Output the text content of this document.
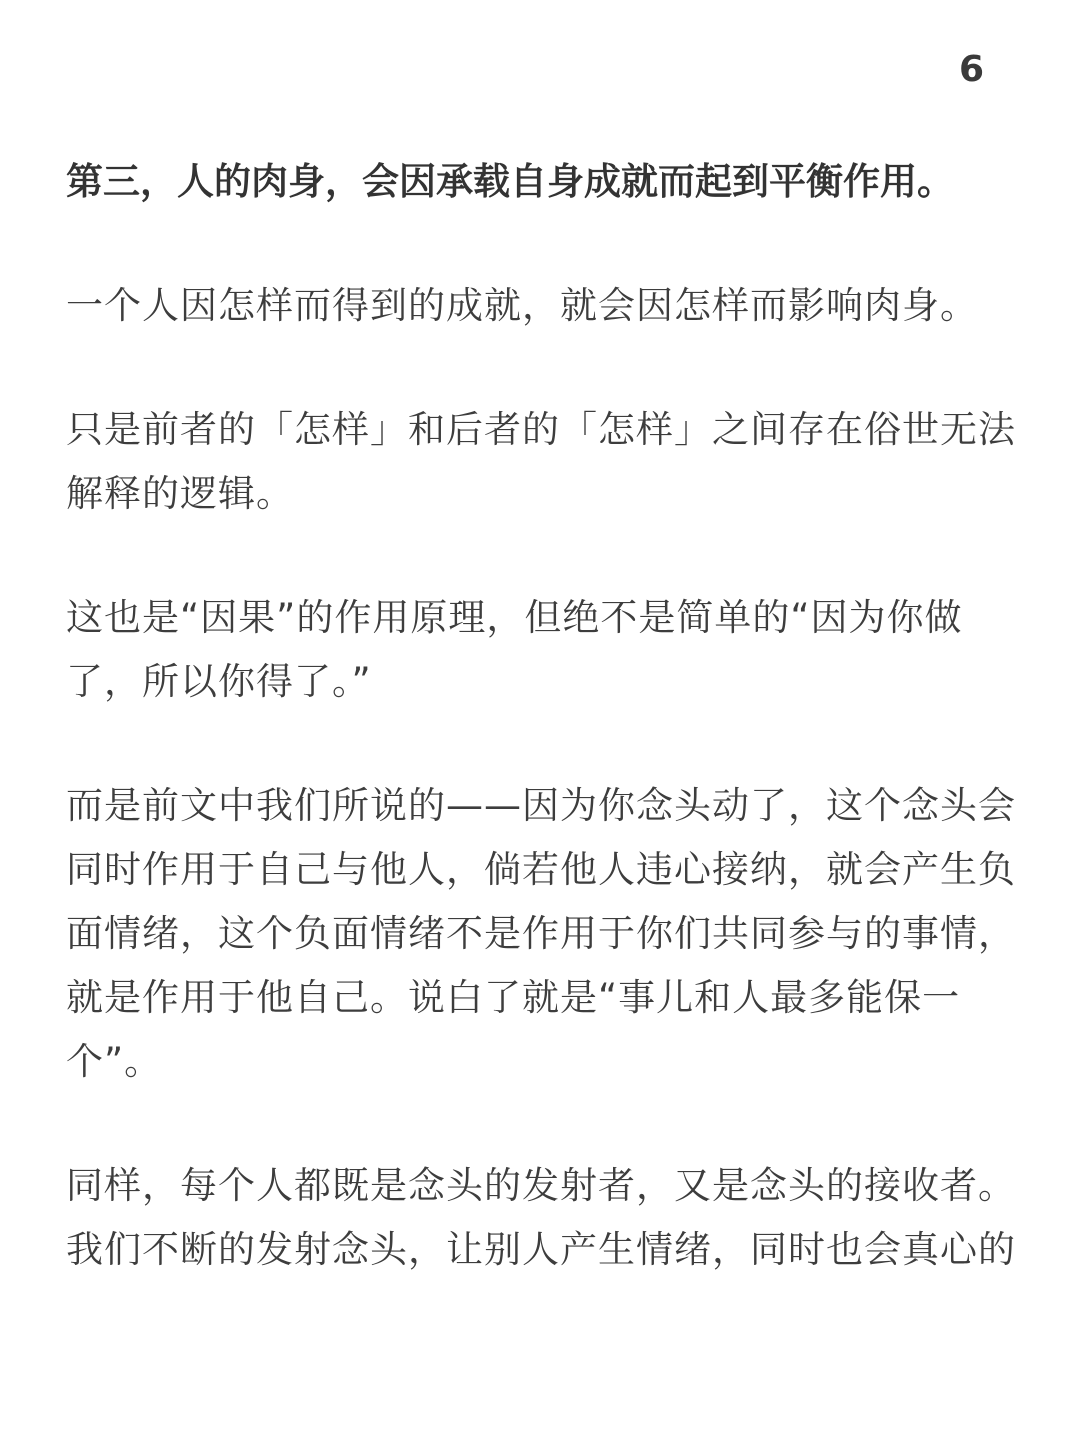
6
第三，人的肉身，会因承载自身成就而起到平衡作用。
一个人因怎样而得到的成就，就会因怎样而影响肉身。
只是前者的「怎样」和后者的「怎样」之间存在俗世无法
解释的逻辑。
这也是“因果”的作用原理，但绝不是简单的“因为你做
了，所以你得了。”
而是前文中我们所说的——因为你念头动了，这个念头会
同时作用于自己与他人，倘若他人违心接纳，就会产生负
面情绪，这个负面情绪不是作用于你们共同参与的事情，
就是作用于他自己。说白了就是“事儿和人最多能保一
个”。
同样，每个人都既是念头的发射者，又是念头的接收者。
我们不断的发射念头，让别人产生情绪，同时也会真心的
